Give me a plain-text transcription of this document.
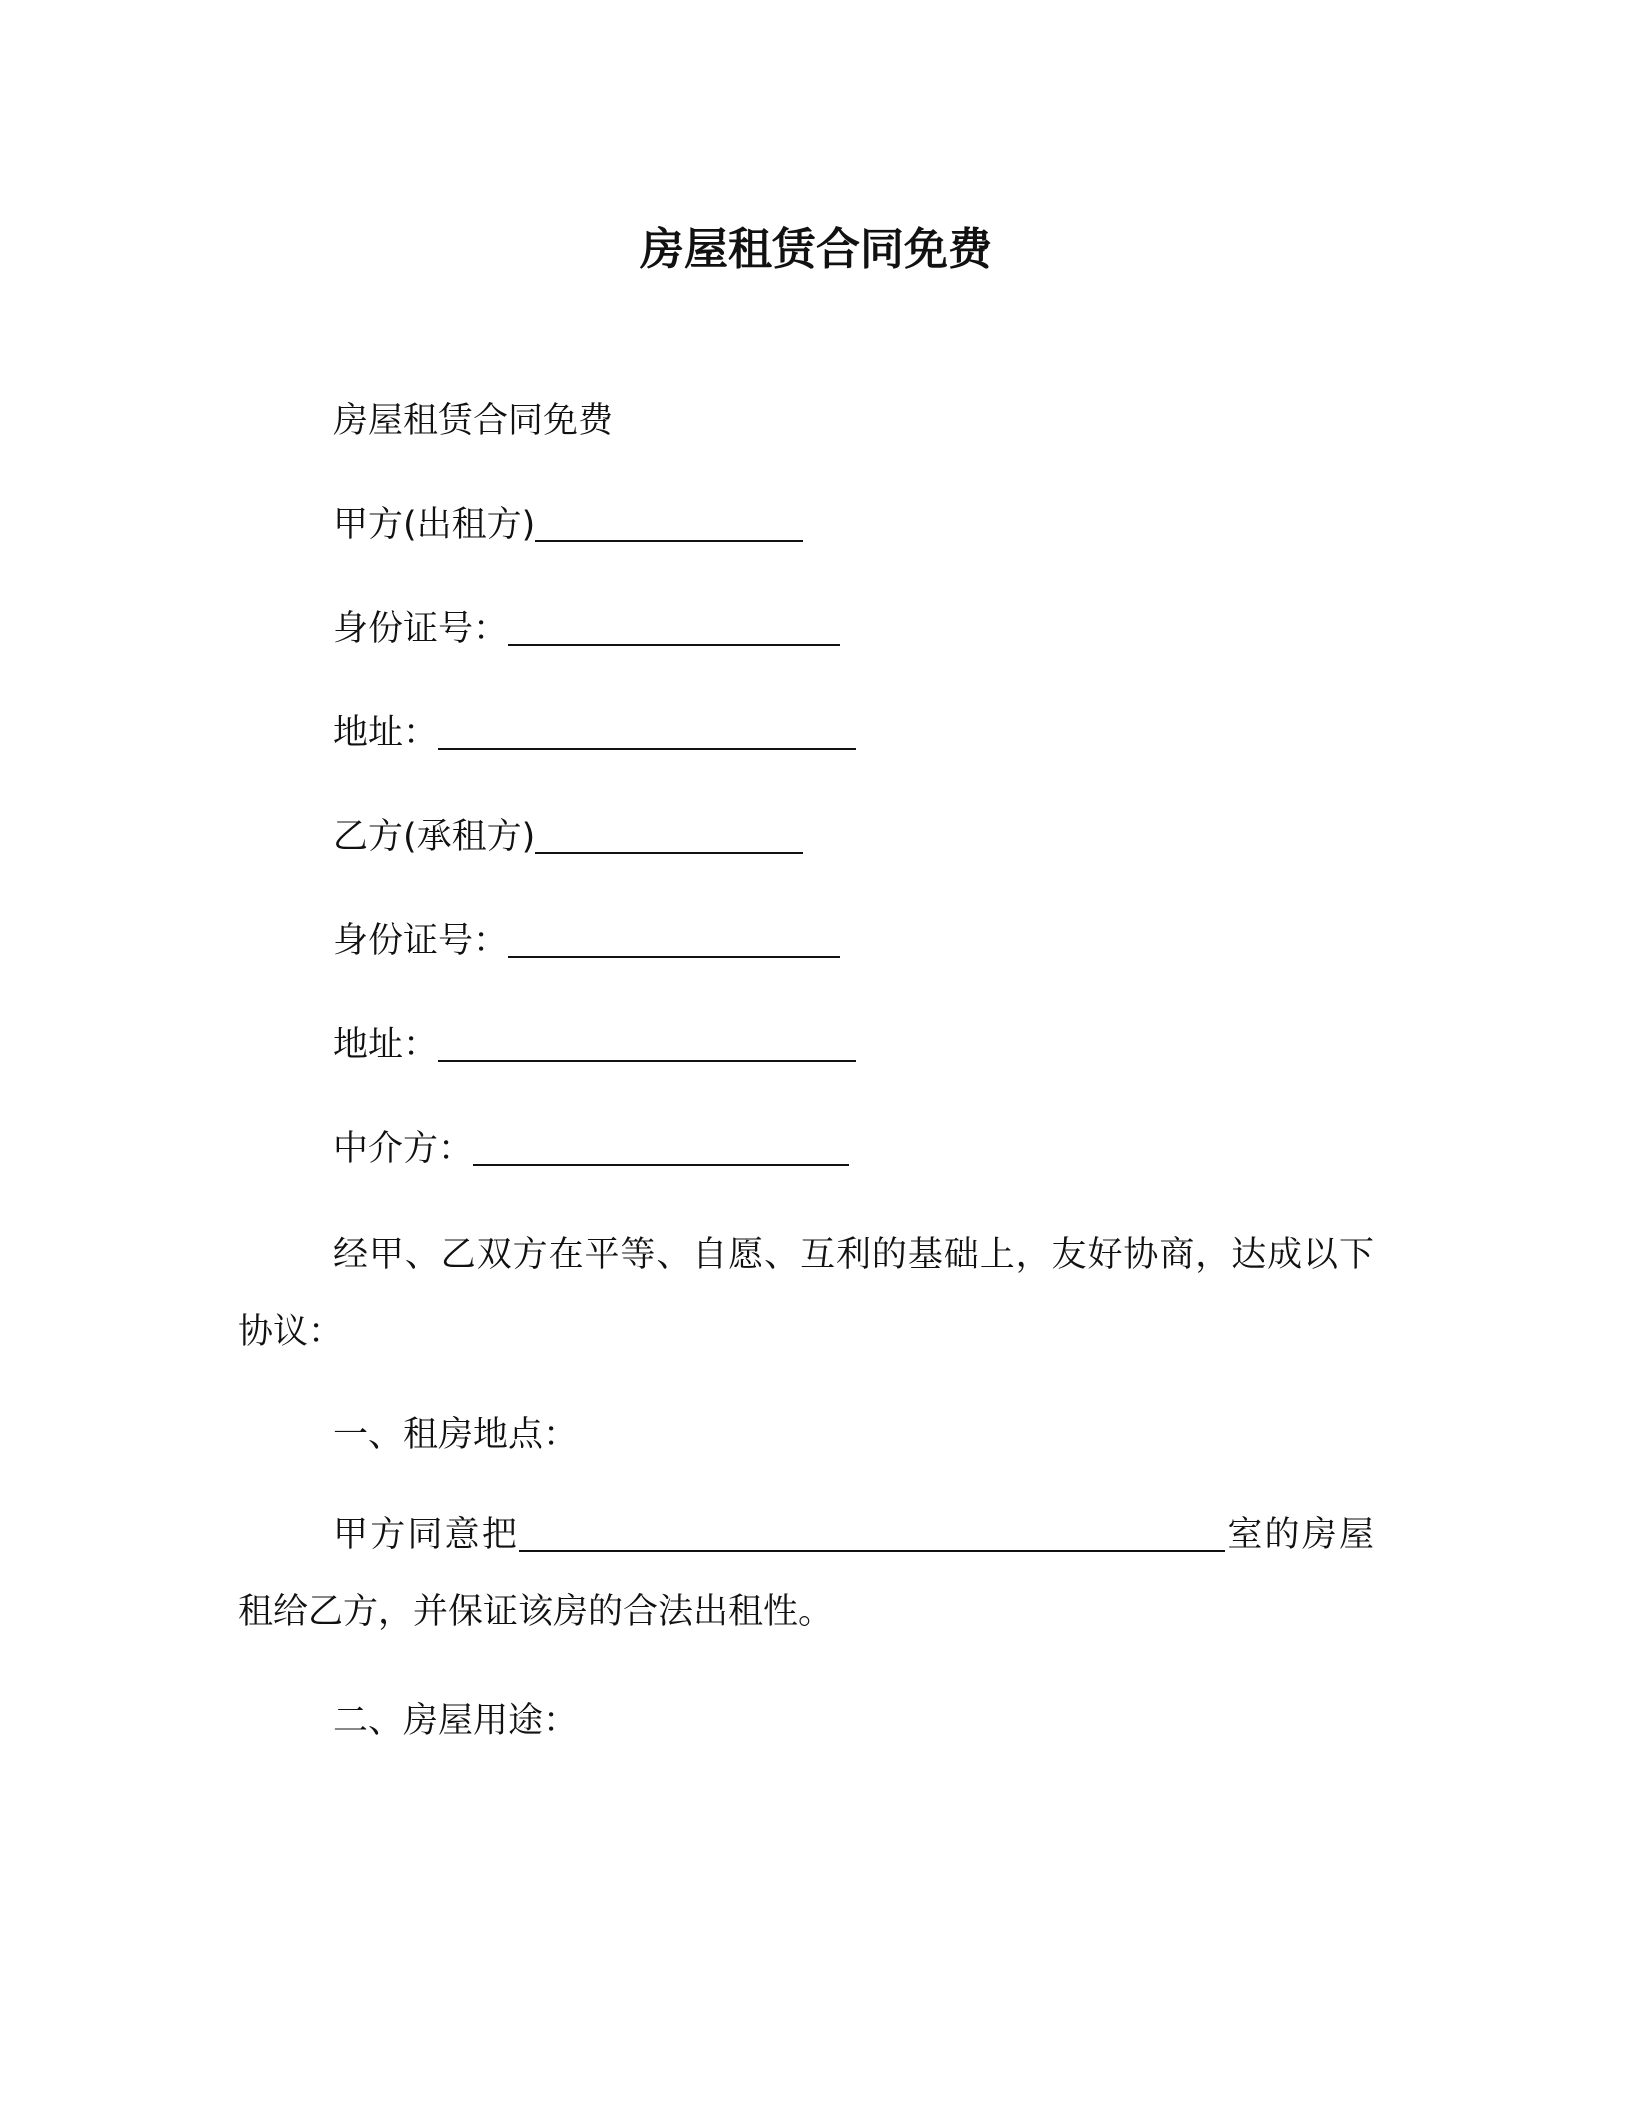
房屋租赁合同免费
房屋租赁合同免费
甲方(出租方)
身份证号：
地址：
乙方(承租方)
身份证号：
地址：
中介方：
经甲、乙双方在平等、自愿、互利的基础上，友好协商，达成以下协议：
一、租房地点：
甲方同意把	室的房屋租给乙方，并保证该房的合法出租性。
二、房屋用途：
